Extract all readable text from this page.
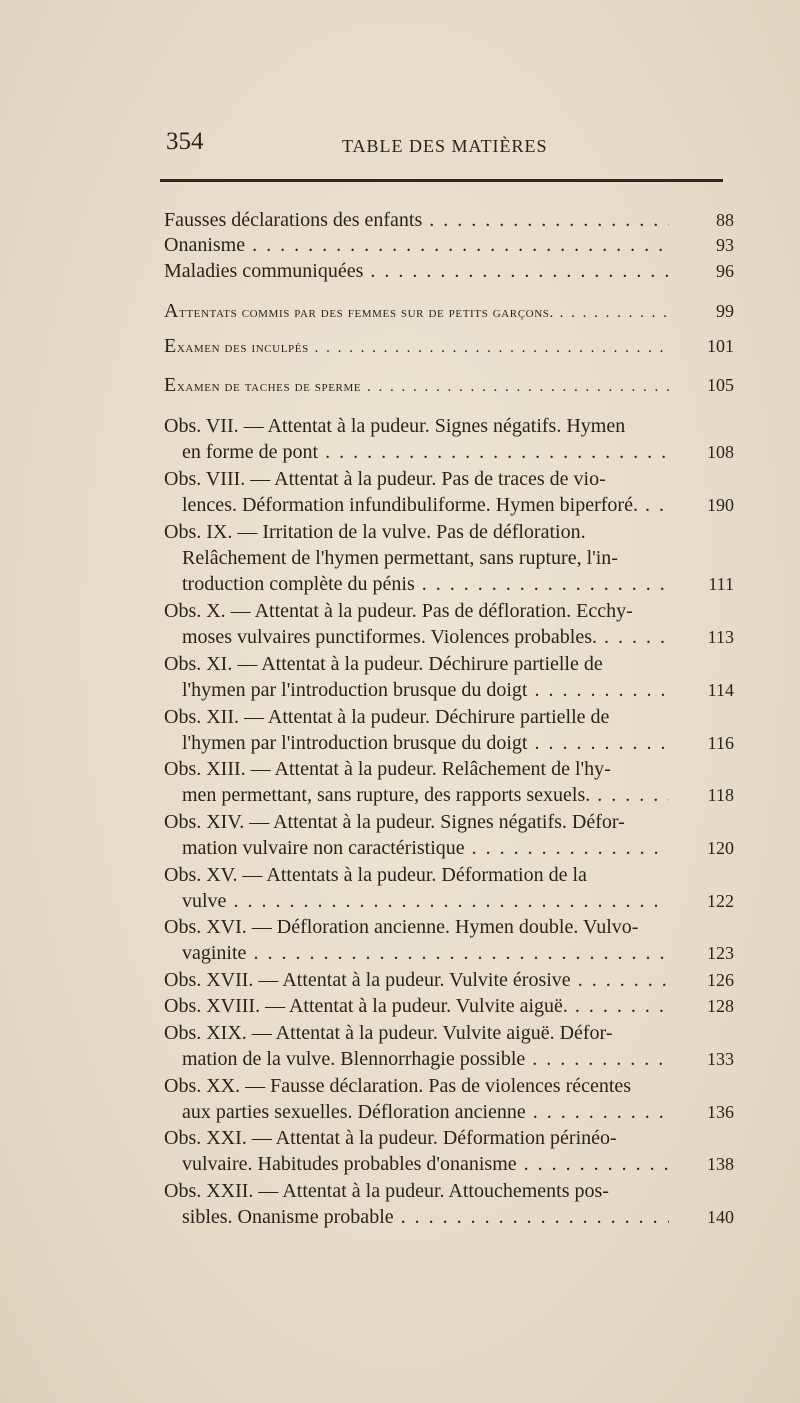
354	TABLE DES MATIÈRES
Fausses déclarations des enfants . . .	88
Onanisme . . .	93
Maladies communiquées . . .	96
Attentats commis par des femmes sur de petits garçons. . . .	99
Examen des inculpés . . .	101
Examen de taches de sperme . . .	105
Obs. VII. — Attentat à la pudeur. Signes négatifs. Hymen
en forme de pont . . .	108
Obs. VIII. — Attentat à la pudeur. Pas de traces de vio-
lences. Déformation infundibuliforme. Hymen biperforé. . . .	190
Obs. IX. — Irritation de la vulve. Pas de défloration.
Relâchement de l'hymen permettant, sans rupture, l'in-
troduction complète du pénis . . .	111
Obs. X. — Attentat à la pudeur. Pas de défloration. Ecchy-
moses vulvaires punctiformes. Violences probables. . . .	113
Obs. XI. — Attentat à la pudeur. Déchirure partielle de
l'hymen par l'introduction brusque du doigt . . .	114
Obs. XII. — Attentat à la pudeur. Déchirure partielle de
l'hymen par l'introduction brusque du doigt . . .	116
Obs. XIII. — Attentat à la pudeur. Relâchement de l'hy-
men permettant, sans rupture, des rapports sexuels. . . .	118
Obs. XIV. — Attentat à la pudeur. Signes négatifs. Défor-
mation vulvaire non caractéristique . . .	120
Obs. XV. — Attentats à la pudeur. Déformation de la
vulve . . .	122
Obs. XVI. — Défloration ancienne. Hymen double. Vulvo-
vaginite . . .	123
Obs. XVII. — Attentat à la pudeur. Vulvite érosive . . .	126
Obs. XVIII. — Attentat à la pudeur. Vulvite aiguë. . . .	128
Obs. XIX. — Attentat à la pudeur. Vulvite aiguë. Défor-
mation de la vulve. Blennorrhagie possible . . .	133
Obs. XX. — Fausse déclaration. Pas de violences récentes
aux parties sexuelles. Défloration ancienne . . .	136
Obs. XXI. — Attentat à la pudeur. Déformation périnéo-
vulvaire. Habitudes probables d'onanisme . . .	138
Obs. XXII. — Attentat à la pudeur. Attouchements pos-
sibles. Onanisme probable . . .	140
